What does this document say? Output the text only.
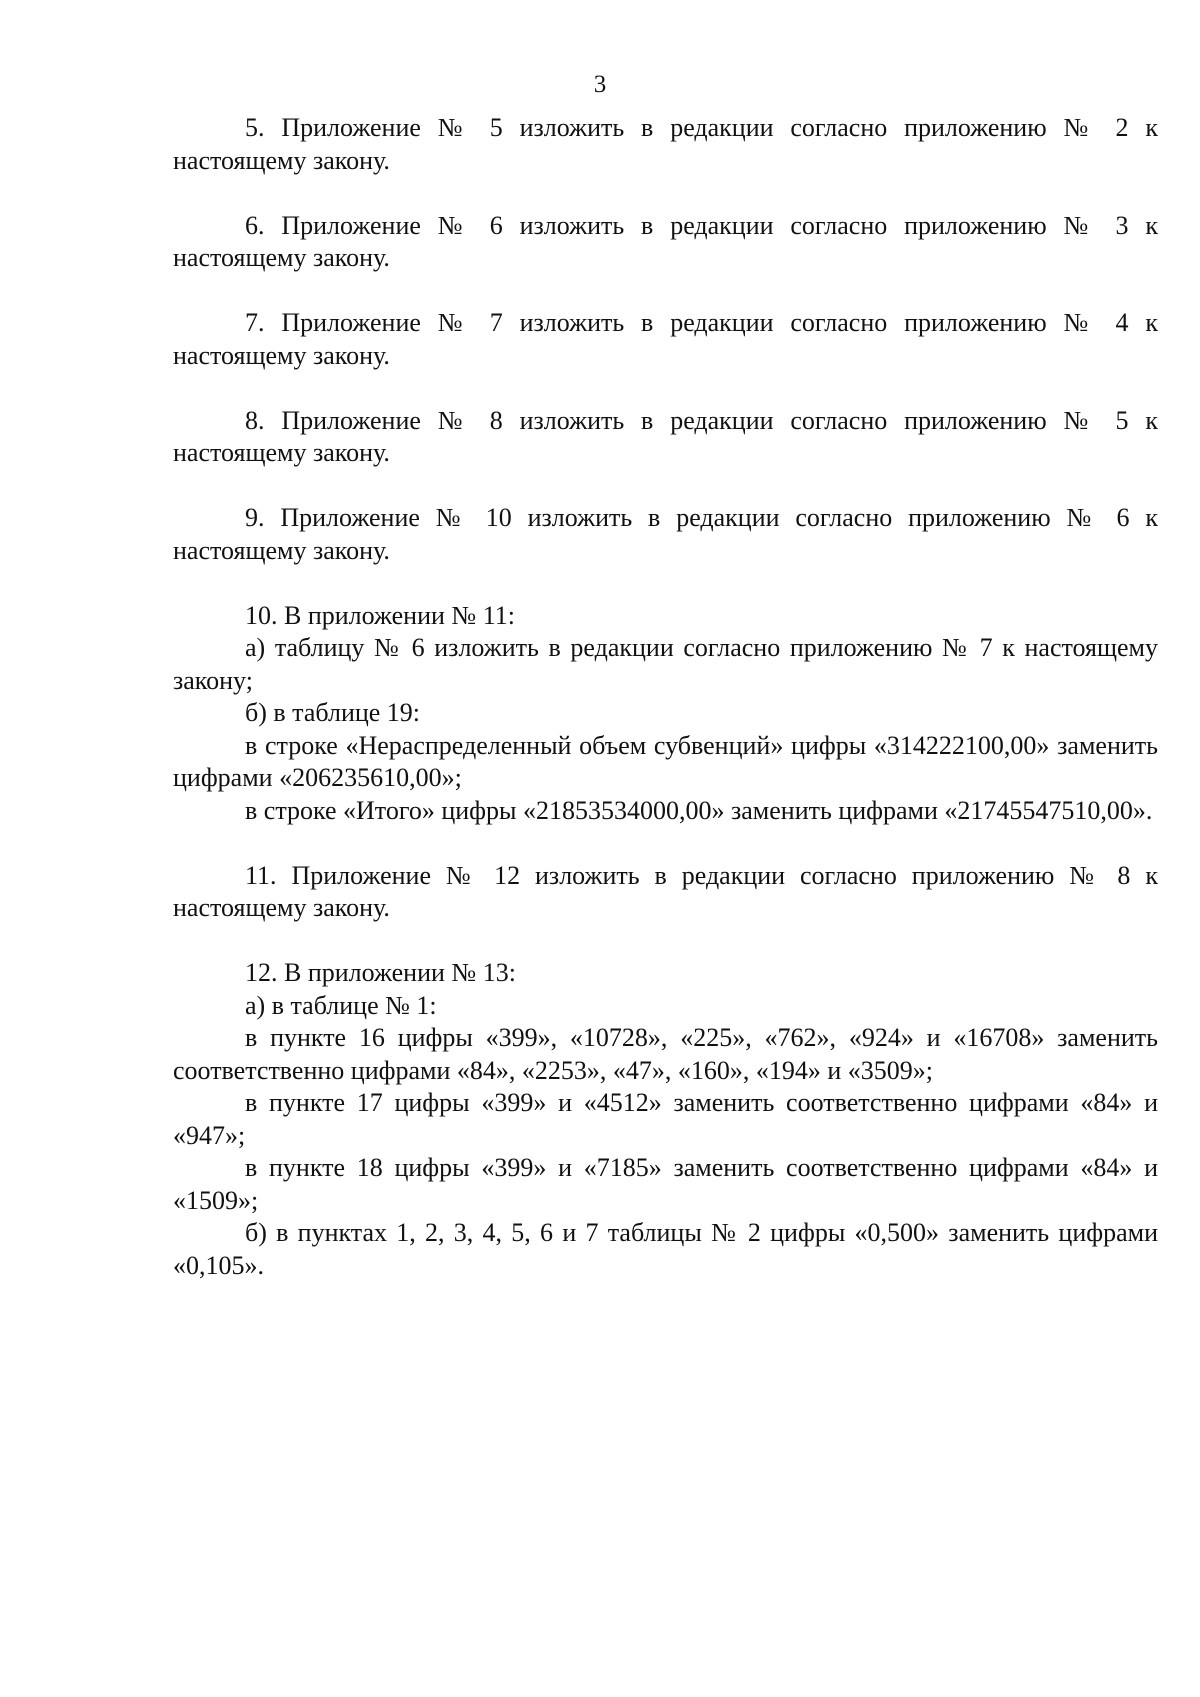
3

5. Приложение № 5 изложить в редакции согласно приложению № 2 к настоящему закону.

6. Приложение № 6 изложить в редакции согласно приложению № 3 к настоящему закону.

7. Приложение № 7 изложить в редакции согласно приложению № 4 к настоящему закону.

8. Приложение № 8 изложить в редакции согласно приложению № 5 к настоящему закону.

9. Приложение № 10 изложить в редакции согласно приложению № 6 к настоящему закону.

10. В приложении № 11:

а) таблицу № 6 изложить в редакции согласно приложению № 7 к настоящему закону;

б) в таблице 19:

в строке «Нераспределенный объем субвенций» цифры «314222100,00» заменить цифрами «206235610,00»;

в строке «Итого» цифры «21853534000,00» заменить цифрами «21745547510,00».

11. Приложение № 12 изложить в редакции согласно приложению № 8 к настоящему закону.

12. В приложении № 13:

а) в таблице № 1:

в пункте 16 цифры «399», «10728», «225», «762», «924» и «16708» заменить соответственно цифрами «84», «2253», «47», «160», «194» и «3509»;

в пункте 17 цифры «399» и «4512» заменить соответственно цифрами «84» и «947»;

в пункте 18 цифры «399» и «7185» заменить соответственно цифрами «84» и «1509»;

б) в пунктах 1, 2, 3, 4, 5, 6 и 7 таблицы № 2 цифры «0,500» заменить цифрами «0,105».
